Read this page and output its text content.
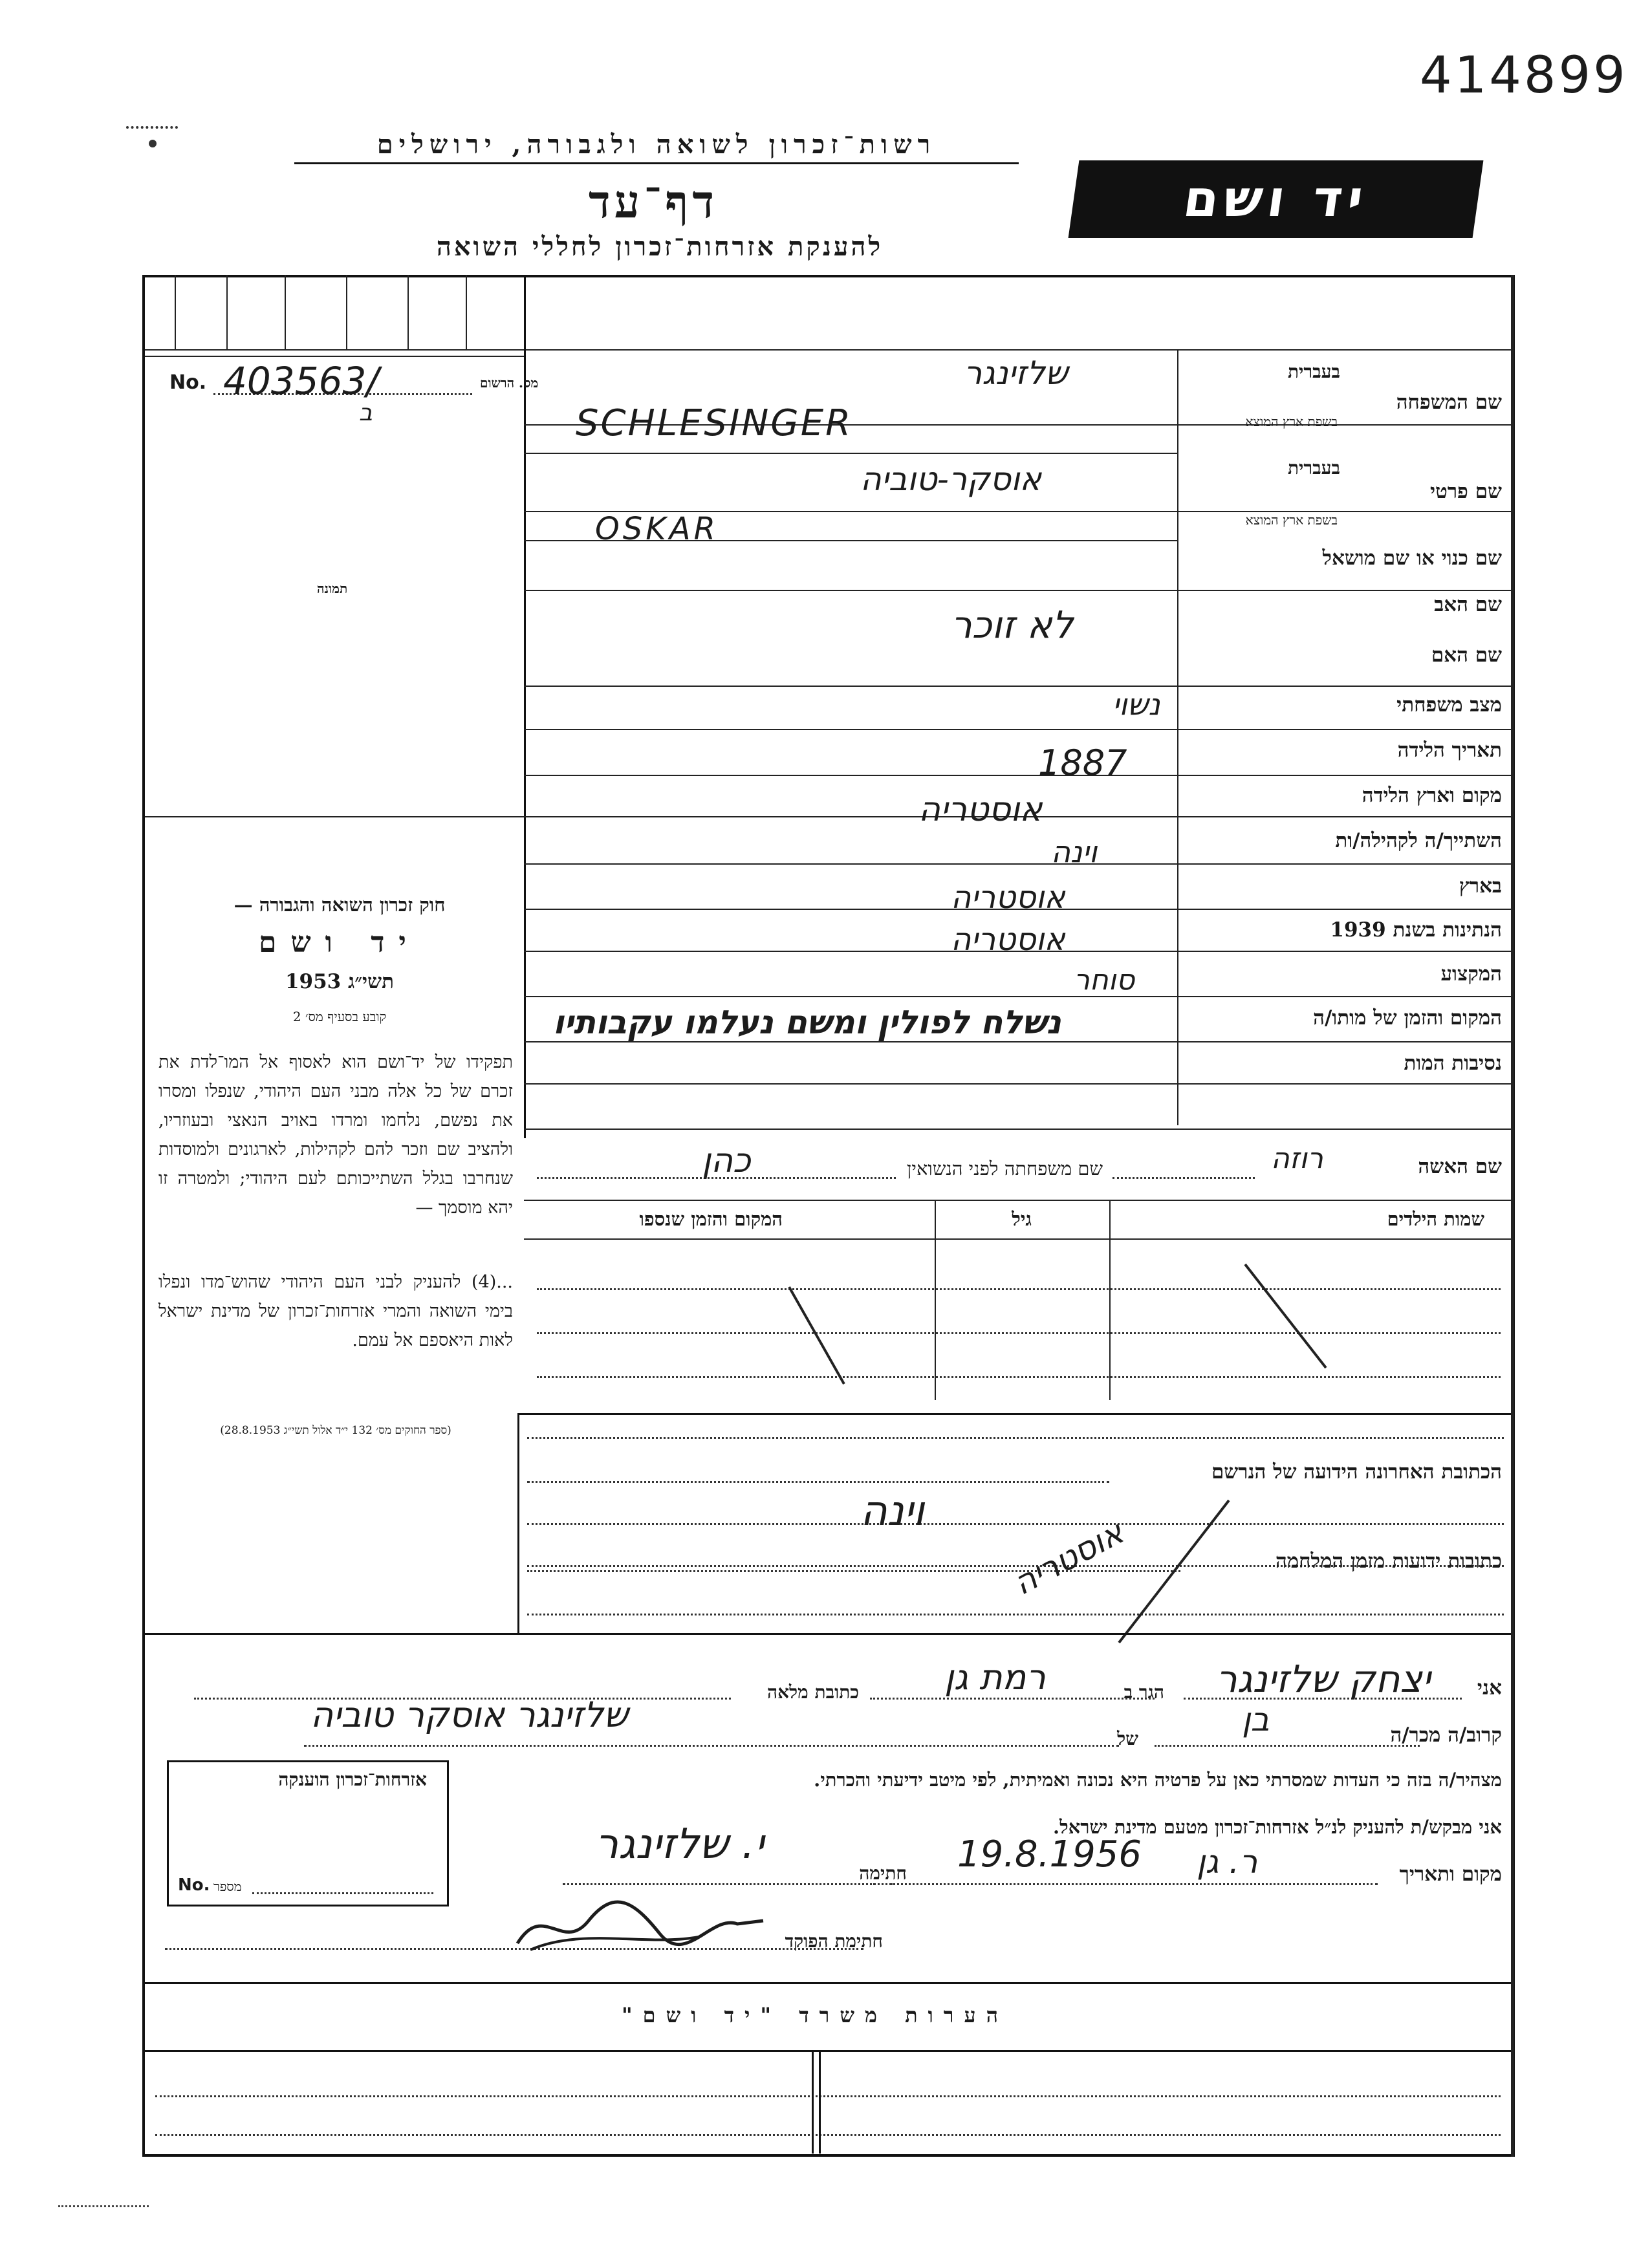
414899
רשות־זכרון לשואה ולגבורה, ירושלים
דף־עד
להענקת אזרחות־זכרון לחללי השואה
יד ושם
מס. הרשום
No. 403563/
ב
תמונה
חוק זכרון השואה והגבורה —
יד ושם
תשי״ג 1953
קובע בסעיף מס׳ 2
תפקידו של יד־ושם הוא לאסוף אל המו־לדת את זכרם של כל אלה מבני העם היהודי, שנפלו ומסרו את נפשם, נלחמו ומרדו באויב הנאצי ובעוזריו, ולהציב שם וזכר להם לקהילות, לארגונים ולמוסדות שנחרבו בגלל השתייכותם לעם היהודי; ולמטרה זו יהא מוסמך —
...(4) להעניק לבני העם היהודי שהוש־מדו ונפלו בימי השואה והמרי אזרחות־זכרון של מדינת ישראל לאות היאספם אל עמם.
(ספר החוקים מס׳ 132 י״ד אלול תשי״ג 28.8.1953)
בעברית
שם המשפחה
בשפת ארץ המוצא
שלזינגר
SCHLESINGER
בעברית
שם פרטי
בשפת ארץ המוצא
אוסקר-טוביה
OSKAR
שם כנוי או שם מושאל
שם האב
לא זוכר
שם האם
מצב משפחתי
נשוי
תאריך הלידה
1887
מקום וארץ הלידה
אוסטריה
השתייך/ה לקהילה/ות
וינה
בארץ
אוסטריה
הנתינות בשנת 1939
אוסטריה
המקצוע
סוחר
המקום והזמן של מותו/ה
נשלח לפולין ומשם נעלמו עקבותיו
נסיבות המות
שם האשה
רוזה
שם משפחתה לפני הנשואין
כהן
שמות הילדים
גיל
המקום והזמן שנספו
הכתובת האחרונה הידועה של הנרשם
כתובות ידועות מזמן המלחמה
וינה
אוסטריה
אני
יצחק שלזינגר
הגר ב
רמת גן
כתובת מלאה
קרוב/ה מכר/ה
בן
של
שלזינגר אוסקר טוביה
מצהיר/ה בזה כי העדות שמסרתי כאן על פרטיה היא נכונה ואמיתית, לפי מיטב ידיעתי והכרתי.
אני מבקש/ת להעניק לנ״ל אזרחות־זכרון מטעם מדינת ישראל.
מקום ותאריך
ר. גן
19.8.1956
חתימה
י. שלזינגר
חתימת הפוקד
אזרחות־זכרון הוענקה
מספר
No.
הערות משרד "יד ושם"
